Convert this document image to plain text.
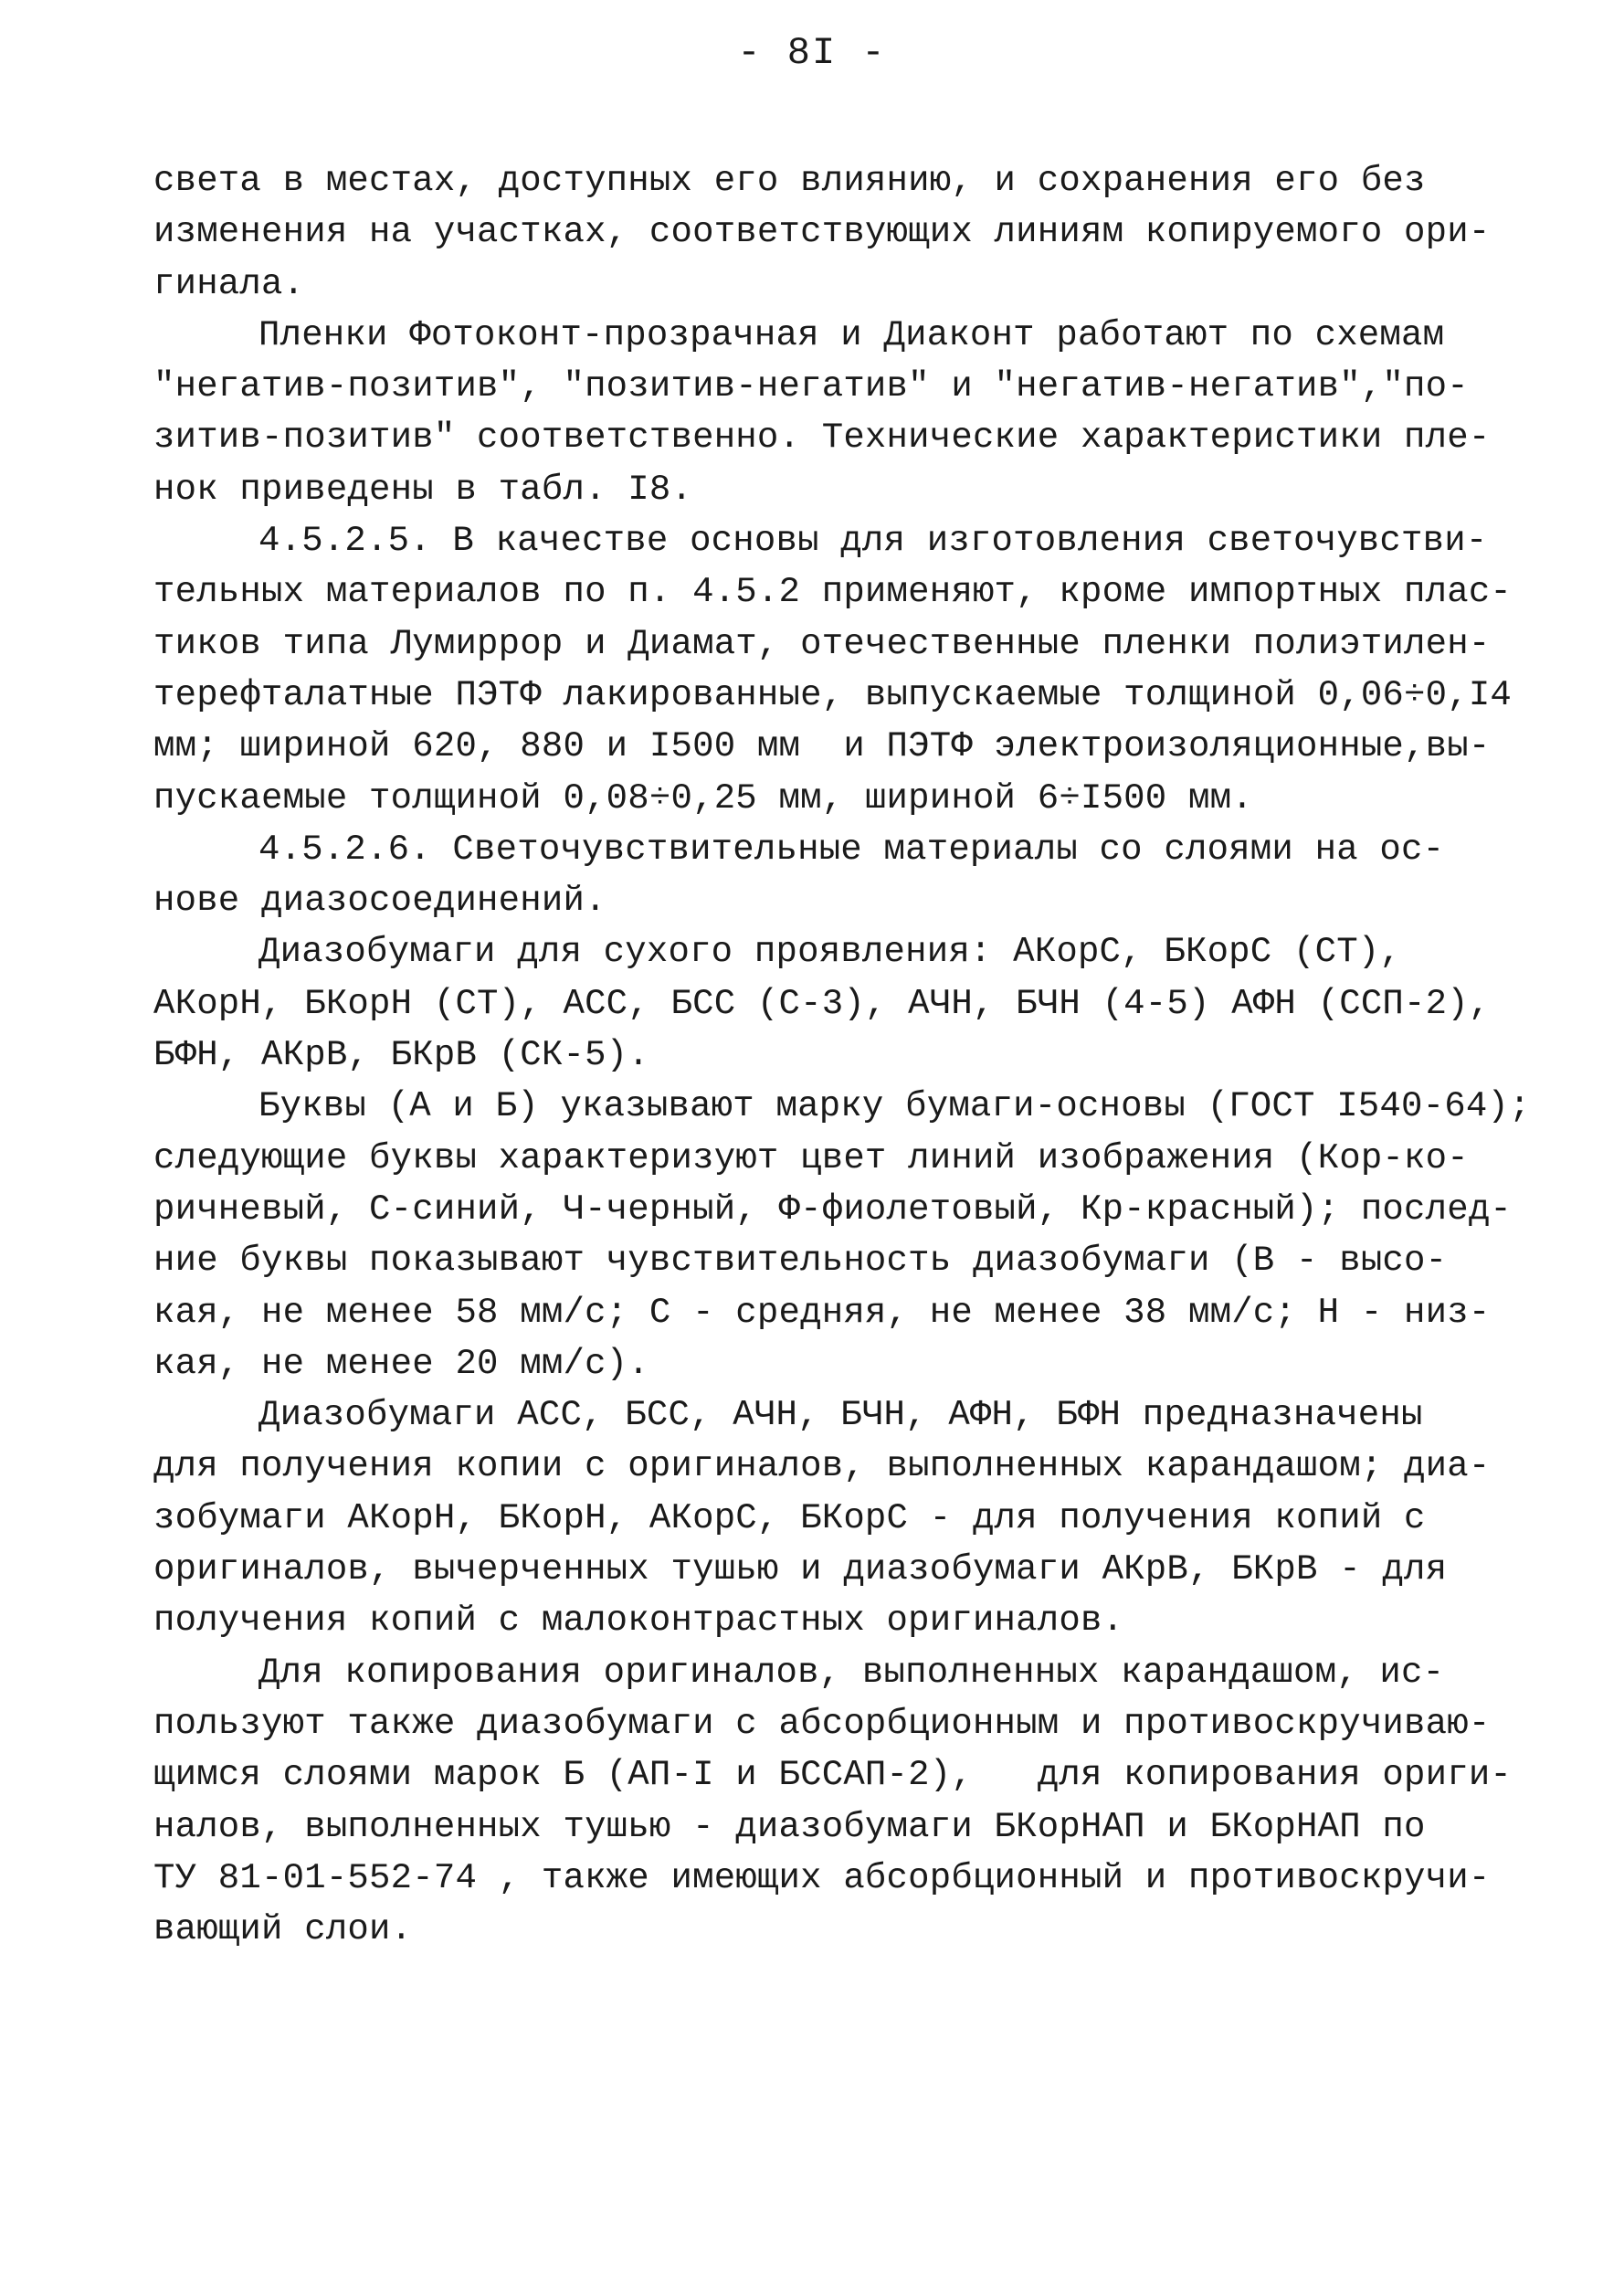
- 8I -
света в местах, доступных его влиянию, и сохранения его без
изменения на участках, соответствующих линиям копируемого ори-
гинала.
Пленки Фотоконт-прозрачная и Диаконт работают по схемам
"негатив-позитив", "позитив-негатив" и "негатив-негатив","по-
зитив-позитив" соответственно. Технические характеристики пле-
нок приведены в табл. I8.
4.5.2.5. В качестве основы для изготовления светочувстви-
тельных материалов по п. 4.5.2 применяют, кроме импортных плас-
тиков типа Лумиррор и Диамат, отечественные пленки полиэтилен-
терефталатные ПЭТФ лакированные, выпускаемые толщиной 0,06÷0,I4
мм; шириной 620, 880 и I500 мм  и ПЭТФ электроизоляционные,вы-
пускаемые толщиной 0,08÷0,25 мм, шириной 6÷I500 мм.
4.5.2.6. Светочувствительные материалы со слоями на ос-
нове диазосоединений.
Диазобумаги для сухого проявления: АКорС, БКорС (СТ),
АКорН, БКорН (СТ), АСС, БСС (С-3), АЧН, БЧН (4-5) АФН (ССП-2),
БФН, АКрВ, БКрВ (СК-5).
Буквы (А и Б) указывают марку бумаги-основы (ГОСТ I540-64);
следующие буквы характеризуют цвет линий изображения (Кор-ко-
ричневый, С-синий, Ч-черный, Ф-фиолетовый, Кр-красный); послед-
ние буквы показывают чувствительность диазобумаги (В - высо-
кая, не менее 58 мм/с; С - средняя, не менее 38 мм/с; Н - низ-
кая, не менее 20 мм/с).
Диазобумаги АСС, БСС, АЧН, БЧН, АФН, БФН предназначены
для получения копии с оригиналов, выполненных карандашом; диа-
зобумаги АКорН, БКорН, АКорС, БКорС - для получения копий с
оригиналов, вычерченных тушью и диазобумаги АКрВ, БКрВ - для
получения копий с малоконтрастных оригиналов.
Для копирования оригиналов, выполненных карандашом, ис-
пользуют также диазобумаги с абсорбционным и противоскручиваю-
щимся слоями марок Б (АП-I и БССАП-2),   для копирования ориги-
налов, выполненных тушью - диазобумаги БКорНАП и БКорНАП по
ТУ 81-01-552-74 , также имеющих абсорбционный и противоскручи-
вающий слои.
